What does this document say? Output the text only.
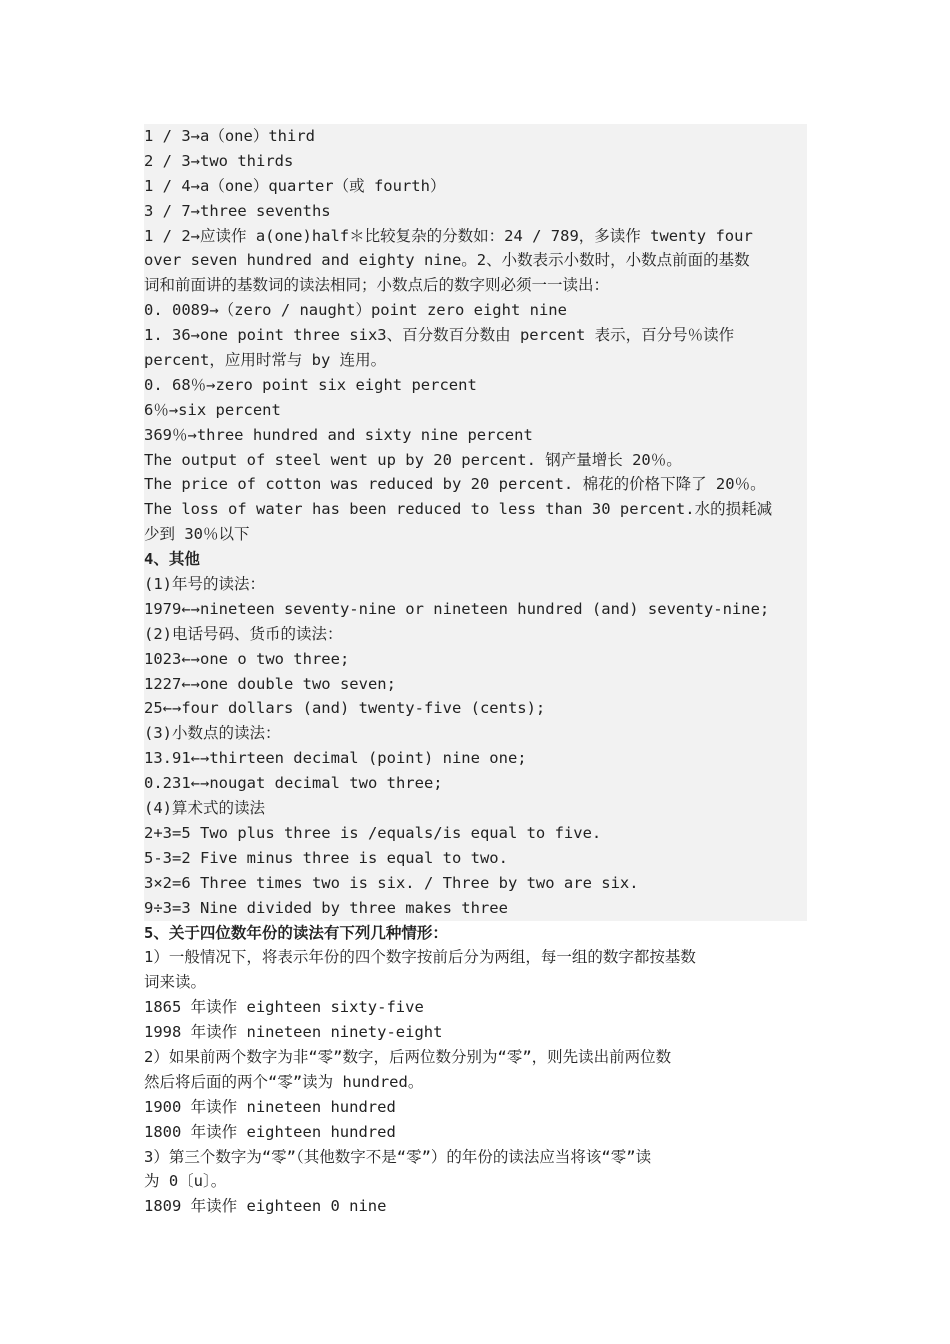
1 / 3→a（one）third
2 / 3→two thirds
1 / 4→a（one）quarter（或 fourth）
3 / 7→three sevenths
1 / 2→应读作 a(one)half＊比较复杂的分数如：24 / 789，多读作 twenty four
over seven hundred and eighty nine。2、小数表示小数时，小数点前面的基数
词和前面讲的基数词的读法相同；小数点后的数字则必须一一读出：
0. 0089→（zero / naught）point zero eight nine
1. 36→one point three six3、百分数百分数由 percent 表示，百分号％读作
percent，应用时常与 by 连用。
0. 68％→zero point six eight percent
6％→six percent
369％→three hundred and sixty nine percent
The output of steel went up by 20 percent. 钢产量增长 20％。
The price of cotton was reduced by 20 percent. 棉花的价格下降了 20％。
The loss of water has been reduced to less than 30 percent.水的损耗减
少到 30％以下
4、其他
(1)年号的读法：
1979←→nineteen seventy-nine or nineteen hundred (and) seventy-nine;
(2)电话号码、货币的读法：
1023←→one o two three;
1227←→one double two seven;
25←→four dollars (and) twenty-five (cents);
(3)小数点的读法：
13.91←→thirteen decimal (point) nine one;
0.231←→nougat decimal two three;
(4)算术式的读法
2+3=5 Two plus three is /equals/is equal to five.
5-3=2 Five minus three is equal to two.
3×2=6 Three times two is six. / Three by two are six.
9÷3=3 Nine divided by three makes three
5、关于四位数年份的读法有下列几种情形：
1）一般情况下，将表示年份的四个数字按前后分为两组，每一组的数字都按基数
词来读。
1865 年读作 eighteen sixty-five
1998 年读作 nineteen ninety-eight
2）如果前两个数字为非“零”数字，后两位数分别为“零”，则先读出前两位数
然后将后面的两个“零”读为 hundred。
1900 年读作 nineteen hundred
1800 年读作 eighteen hundred
3）第三个数字为“零”（其他数字不是“零”）的年份的读法应当将该“零”读
为 0〔u〕。
1809 年读作 eighteen 0 nine
